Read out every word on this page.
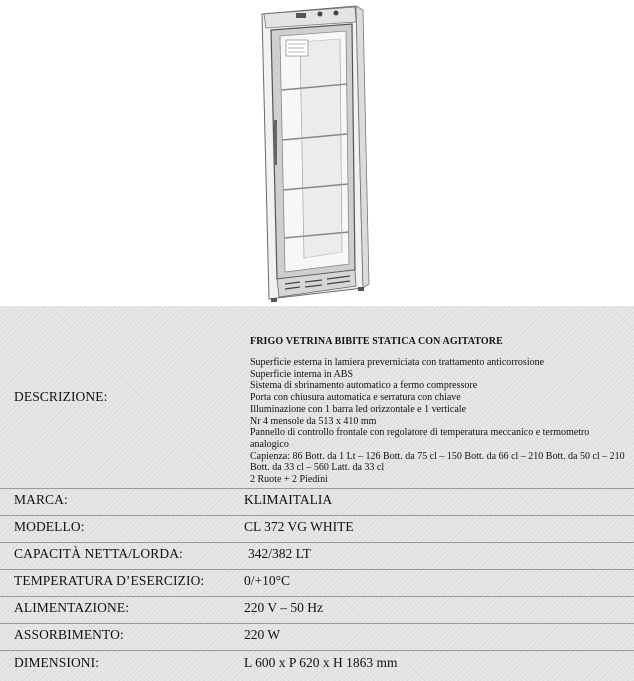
DESCRIZIONE:
FRIGO VETRINA BIBITE STATICA CON AGITATORE
Superficie esterna in lamiera preverniciata con trattamento anticorrosione
Superficie interna in ABS
Sistema di sbrinamento automatico a fermo compressore
Porta con chiusura automatica e serratura con chiave
Illuminazione con 1 barra led orizzontale e 1 verticale
Nr 4 mensole da 513 x 410 mm
Pannello di controllo frontale con regolatore di temperatura meccanico e termometro analogico
Capienza: 86 Bott. da 1 Lt – 126 Bott. da 75 cl – 150 Bott. da 66 cl – 210 Bott. da 50 cl – 210 Bott. da 33 cl – 560 Latt. da 33 cl
2 Ruote + 2 Piedini
MARCA:	KLIMAITALIA
MODELLO:	CL 372 VG WHITE
CAPACITÀ NETTA/LORDA:	342/382 LT
TEMPERATURA D’ESERCIZIO:	0/+10°C
ALIMENTAZIONE:	220 V – 50 Hz
ASSORBIMENTO:	220 W
DIMENSIONI:	L 600 x P 620 x H 1863 mm
